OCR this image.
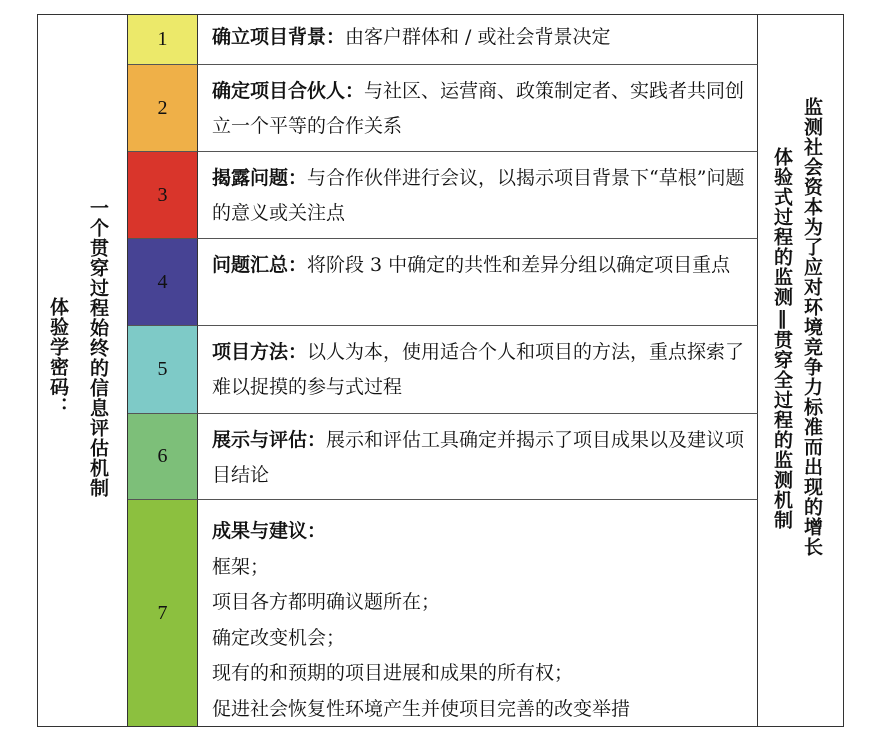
体验学密码： 一个贯穿过程始终的信息评估机制
1
2
3
4
5
6
7
确立项目背景：由客户群体和 / 或社会背景决定
确定项目合伙人：与社区、运营商、政策制定者、实践者共同创立一个平等的合作关系
揭露问题：与合作伙伴进行会议，以揭示项目背景下“草根”问题的意义或关注点
问题汇总：将阶段 3 中确定的共性和差异分组以确定项目重点
项目方法：以人为本，使用适合个人和项目的方法，重点探索了难以捉摸的参与式过程
展示与评估：展示和评估工具确定并揭示了项目成果以及建议项目结论
成果与建议：
框架；
项目各方都明确议题所在；
确定改变机会；
现有的和预期的项目进展和成果的所有权；
促进社会恢复性环境产生并使项目完善的改变举措
监测社会资本为了应对环境竞争力标准而出现的增长
体验式过程的监测‖贯穿全过程的监测机制
